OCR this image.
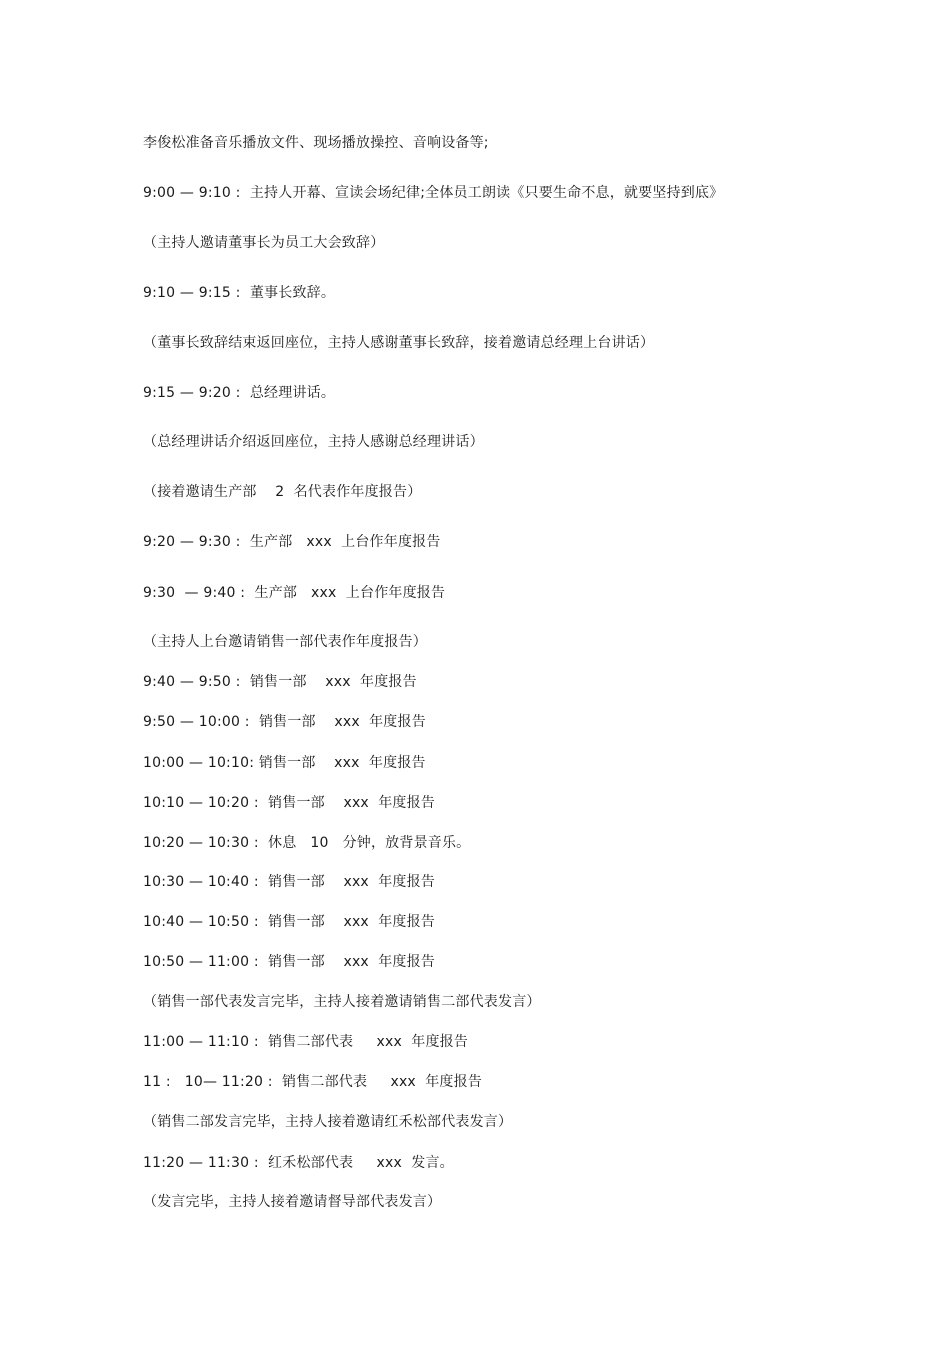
李俊松准备音乐播放文件、现场播放操控、音响设备等;
9:00 — 9:10 :  主持人开幕、宣读会场纪律;全体员工朗读《只要生命不息，就要坚持到底》
（主持人邀请董事长为员工大会致辞）
9:10 — 9:15 :  董事长致辞。
（董事长致辞结束返回座位，主持人感谢董事长致辞，接着邀请总经理上台讲话）
9:15 — 9:20 :  总经理讲话。
（总经理讲话介绍返回座位，主持人感谢总经理讲话）
（接着邀请生产部    2  名代表作年度报告）
9:20 — 9:30 :  生产部   xxx  上台作年度报告
9:30  — 9:40 :  生产部   xxx  上台作年度报告
（主持人上台邀请销售一部代表作年度报告）
9:40 — 9:50 :  销售一部    xxx  年度报告
9:50 — 10:00 :  销售一部    xxx  年度报告
10:00 — 10:10: 销售一部    xxx  年度报告
10:10 — 10:20 :  销售一部    xxx  年度报告
10:20 — 10:30 :  休息   10   分钟，放背景音乐。
10:30 — 10:40 :  销售一部    xxx  年度报告
10:40 — 10:50 :  销售一部    xxx  年度报告
10:50 — 11:00 :  销售一部    xxx  年度报告
（销售一部代表发言完毕，主持人接着邀请销售二部代表发言）
11:00 — 11:10 :  销售二部代表     xxx  年度报告
11 :   10— 11:20 :  销售二部代表     xxx  年度报告
（销售二部发言完毕，主持人接着邀请红禾松部代表发言）
11:20 — 11:30 :  红禾松部代表     xxx  发言。
（发言完毕，主持人接着邀请督导部代表发言）
